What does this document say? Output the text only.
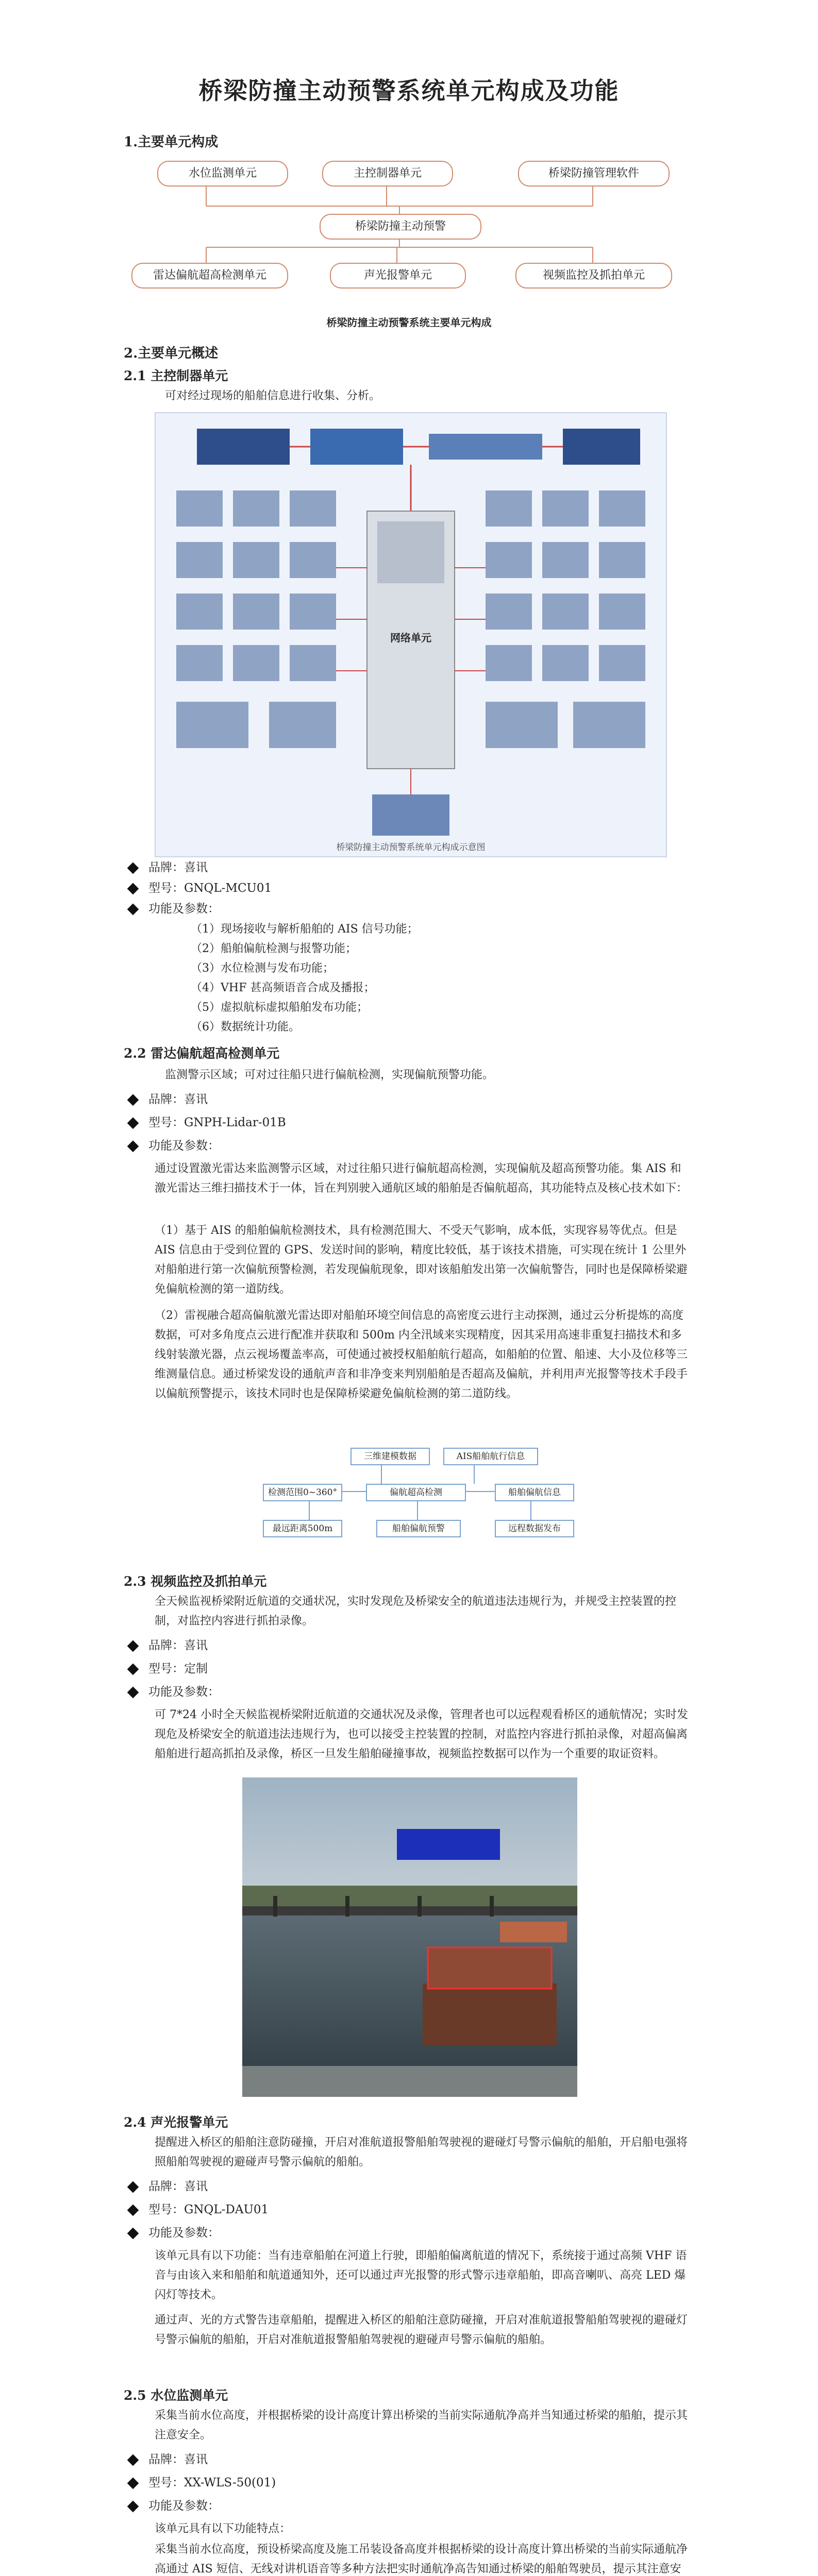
桥梁防撞主动预警系统单元构成及功能
1.主要单元构成
水位监测单元	主控制器单元	桥梁防撞管理软件
桥梁防撞主动预警
雷达偏航超高检测单元	声光报警单元	视频监控及抓拍单元
桥梁防撞主动预警系统主要单元构成
2.主要单元概述
2.1 主控制器单元
可对经过现场的船舶信息进行收集、分析。
网络单元
桥梁防撞主动预警系统单元构成示意图
品牌：喜讯
型号：GNQL-MCU01
功能及参数：
（1）现场接收与解析船舶的 AIS 信号功能；
（2）船舶偏航检测与报警功能；
（3）水位检测与发布功能；
（4）VHF 甚高频语音合成及播报；
（5）虚拟航标虚拟船舶发布功能；
（6）数据统计功能。
2.2 雷达偏航超高检测单元
监测警示区域；可对过往船只进行偏航检测，实现偏航预警功能。
品牌：喜讯
型号：GNPH-Lidar-01B
功能及参数：
通过设置激光雷达来监测警示区域，对过往船只进行偏航超高检测，实现偏航及超高预警功能。集 AIS 和激光雷达三维扫描技术于一体，旨在判别驶入通航区域的船舶是否偏航超高，其功能特点及核心技术如下：
（1）基于 AIS 的船舶偏航检测技术，具有检测范围大、不受天气影响，成本低，实现容易等优点。但是 AIS 信息由于受到位置的 GPS、发送时间的影响，精度比较低，基于该技术措施，可实现在统计 1 公里外对船舶进行第一次偏航预警检测，若发现偏航现象，即对该船舶发出第一次偏航警告，同时也是保障桥梁避免偏航检测的第一道防线。
（2）雷视融合超高偏航激光雷达即对船舶环境空间信息的高密度云进行主动探测，通过云分析提炼的高度数据，可对多角度点云进行配准并获取和 500m 内全汛域来实现精度，因其采用高速非重复扫描技术和多线射装激光器，点云视场覆盖率高，可使通过被授权船舶航行超高，如船舶的位置、船速、大小及位移等三维测量信息。通过桥梁发设的通航声音和非净变来判别船舶是否超高及偏航，并利用声光报警等技术手段手以偏航预警提示，该技术同时也是保障桥梁避免偏航检测的第二道防线。
三维建模数据	AIS船舶航行信息
检测范围0~360°	偏航超高检测	船舶偏航信息
最远距离500m	船舶偏航预警	远程数据发布
2.3 视频监控及抓拍单元
全天候监视桥梁附近航道的交通状况，实时发现危及桥梁安全的航道违法违规行为，并规受主控装置的控制，对监控内容进行抓拍录像。
品牌：喜讯
型号：定制
功能及参数：
可 7*24 小时全天候监视桥梁附近航道的交通状况及录像，管理者也可以远程观看桥区的通航情况；实时发现危及桥梁安全的航道违法违规行为，也可以接受主控装置的控制，对监控内容进行抓拍录像，对超高偏离船舶进行超高抓拍及录像，桥区一旦发生船舶碰撞事故，视频监控数据可以作为一个重要的取证资料。
2.4 声光报警单元
提醒进入桥区的船舶注意防碰撞，开启对准航道报警船舶驾驶视的避碰灯号警示偏航的船舶，开启船电强将照船舶驾驶视的避碰声号警示偏航的船舶。
品牌：喜讯
型号：GNQL-DAU01
功能及参数：
该单元具有以下功能：当有违章船舶在河道上行驶，即船舶偏离航道的情况下，系统接于通过高频 VHF 语音与由该入来和船舶和航道通知外，还可以通过声光报警的形式警示违章船舶，即高音喇叭、高亮 LED 爆闪灯等技术。
通过声、光的方式警告违章船舶，提醒进入桥区的船舶注意防碰撞，开启对准航道报警船舶驾驶视的避碰灯号警示偏航的船舶，开启对准航道报警船舶驾驶视的避碰声号警示偏航的船舶。
2.5 水位监测单元
采集当前水位高度，并根据桥梁的设计高度计算出桥梁的当前实际通航净高并当知通过桥梁的船舶，提示其注意安全。
品牌：喜讯
型号：XX-WLS-50(01)
功能及参数：
该单元具有以下功能特点：
采集当前水位高度，预设桥梁高度及施工吊装设备高度并根据桥梁的设计高度计算出桥梁的当前实际通航净高通过 AIS 短信、无线对讲机语音等多种方法把实时通航净高告知通过桥梁的船舶驾驶员，提示其注意安
